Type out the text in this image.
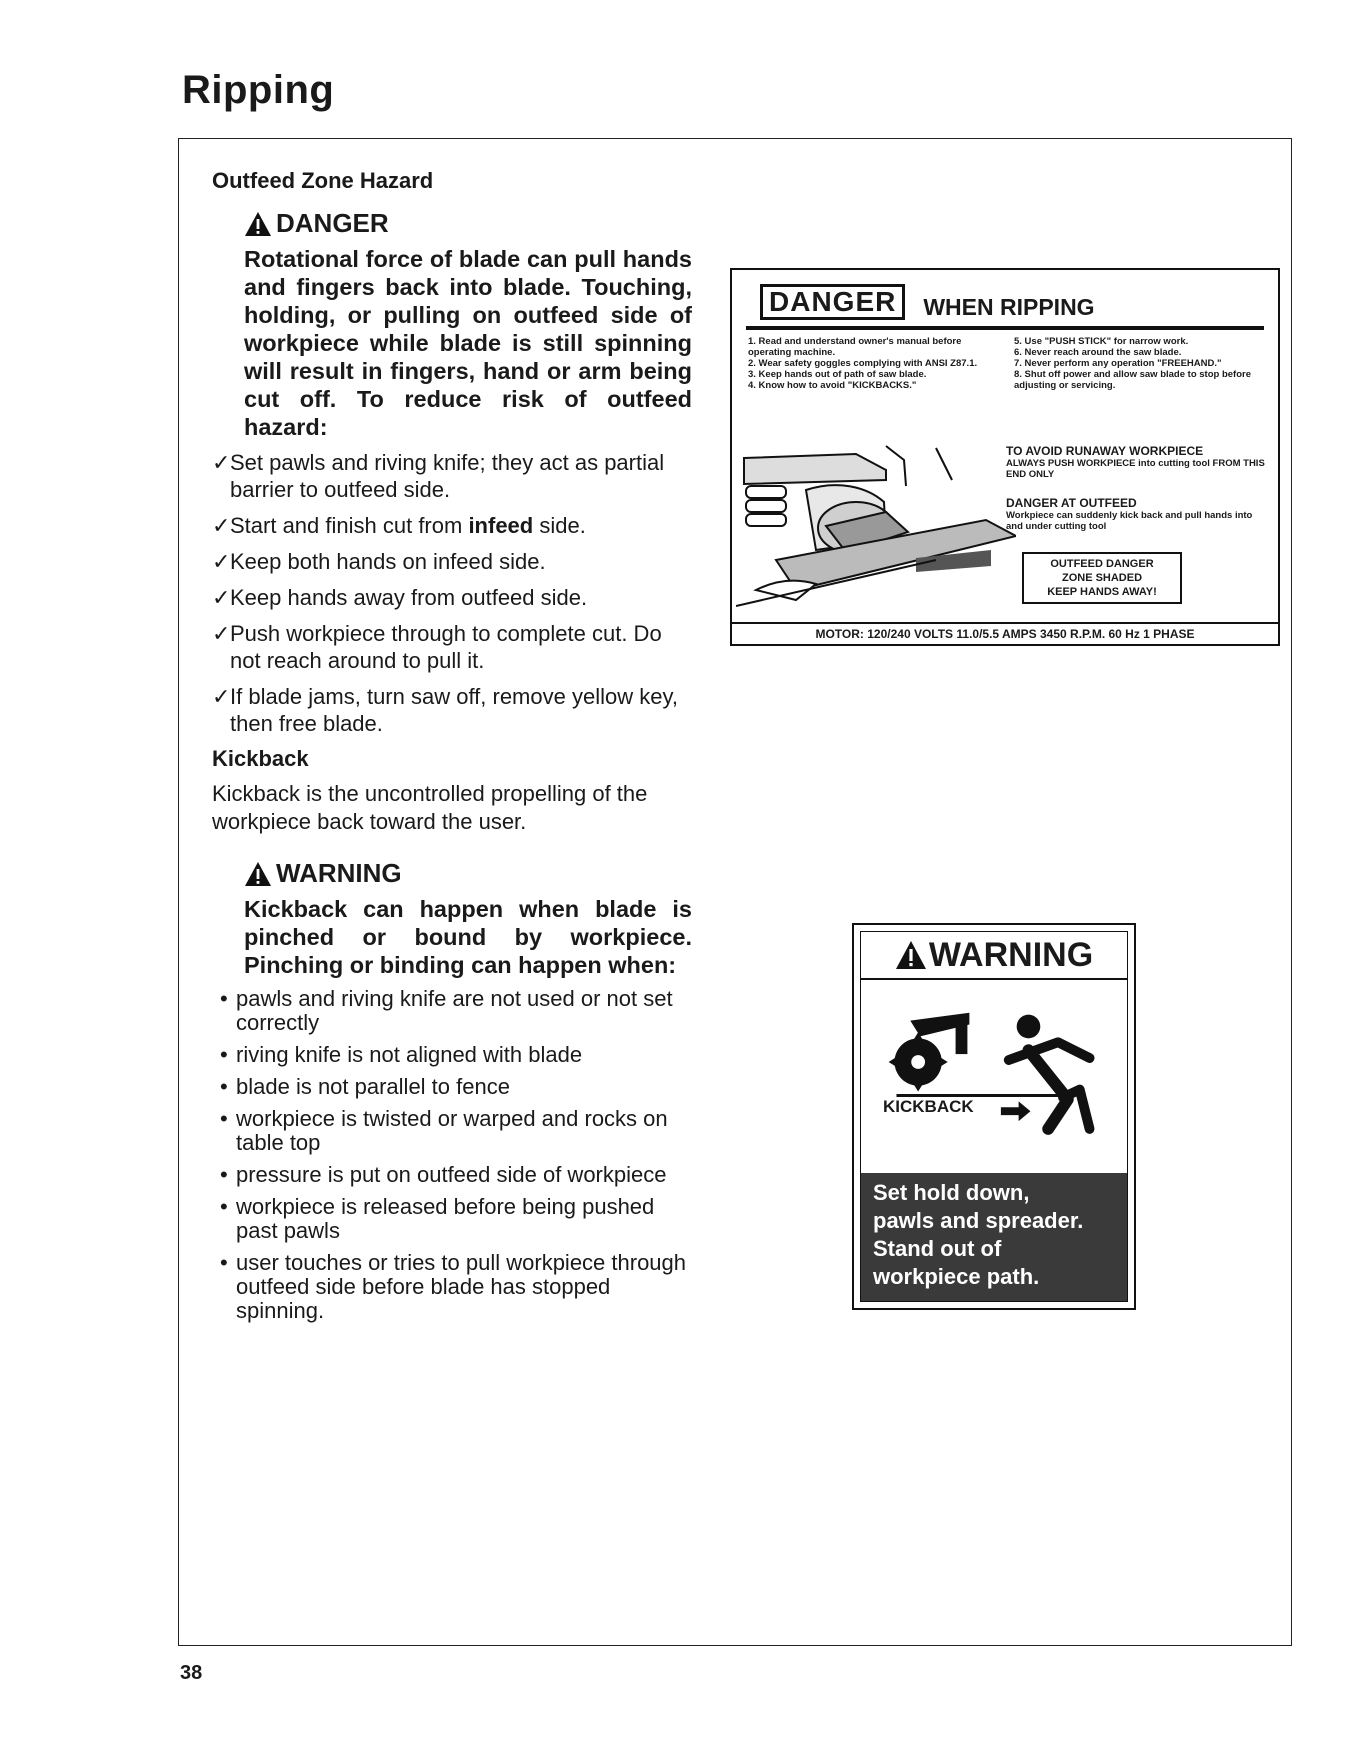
Ripping
Outfeed Zone Hazard
DANGER
Rotational force of blade can pull hands and fingers back into blade. Touching, holding, or pulling on outfeed side of workpiece while blade is still spinning will result in fingers, hand or arm being cut off. To reduce risk of outfeed hazard:
✓ Set pawls and riving knife; they act as partial barrier to outfeed side.
✓ Start and finish cut from infeed side.
✓ Keep both hands on infeed side.
✓ Keep hands away from outfeed side.
✓ Push workpiece through to complete cut. Do not reach around to pull it.
✓ If blade jams, turn saw off, remove yellow key, then free blade.
Kickback
Kickback is the uncontrolled propelling of the workpiece back toward the user.
WARNING
Kickback can happen when blade is pinched or bound by workpiece. Pinching or binding can happen when:
• pawls and riving knife are not used or not set correctly
• riving knife is not aligned with blade
• blade is not parallel to fence
• workpiece is twisted or warped and rocks on table top
• pressure is put on outfeed side of workpiece
• workpiece is released before being pushed past pawls
• user touches or tries to pull workpiece through outfeed side before blade has stopped spinning.
DANGER	WHEN RIPPING
1. Read and understand owner's manual before operating machine.
2. Wear safety goggles complying with ANSI Z87.1.
3. Keep hands out of path of saw blade.
4. Know how to avoid "KICKBACKS."
5. Use "PUSH STICK" for narrow work.
6. Never reach around the saw blade.
7. Never perform any operation "FREEHAND."
8. Shut off power and allow saw blade to stop before adjusting or servicing.
TO AVOID RUNAWAY WORKPIECE
ALWAYS PUSH WORKPIECE into cutting tool FROM THIS END ONLY
DANGER AT OUTFEED
Workpiece can suddenly kick back and pull hands into and under cutting tool
OUTFEED DANGER
ZONE SHADED
KEEP HANDS AWAY!
MOTOR: 120/240 VOLTS 11.0/5.5 AMPS 3450 R.P.M. 60 Hz 1 PHASE
WARNING
KICKBACK
Set hold down,
pawls and spreader.
Stand out of
workpiece path.
38
